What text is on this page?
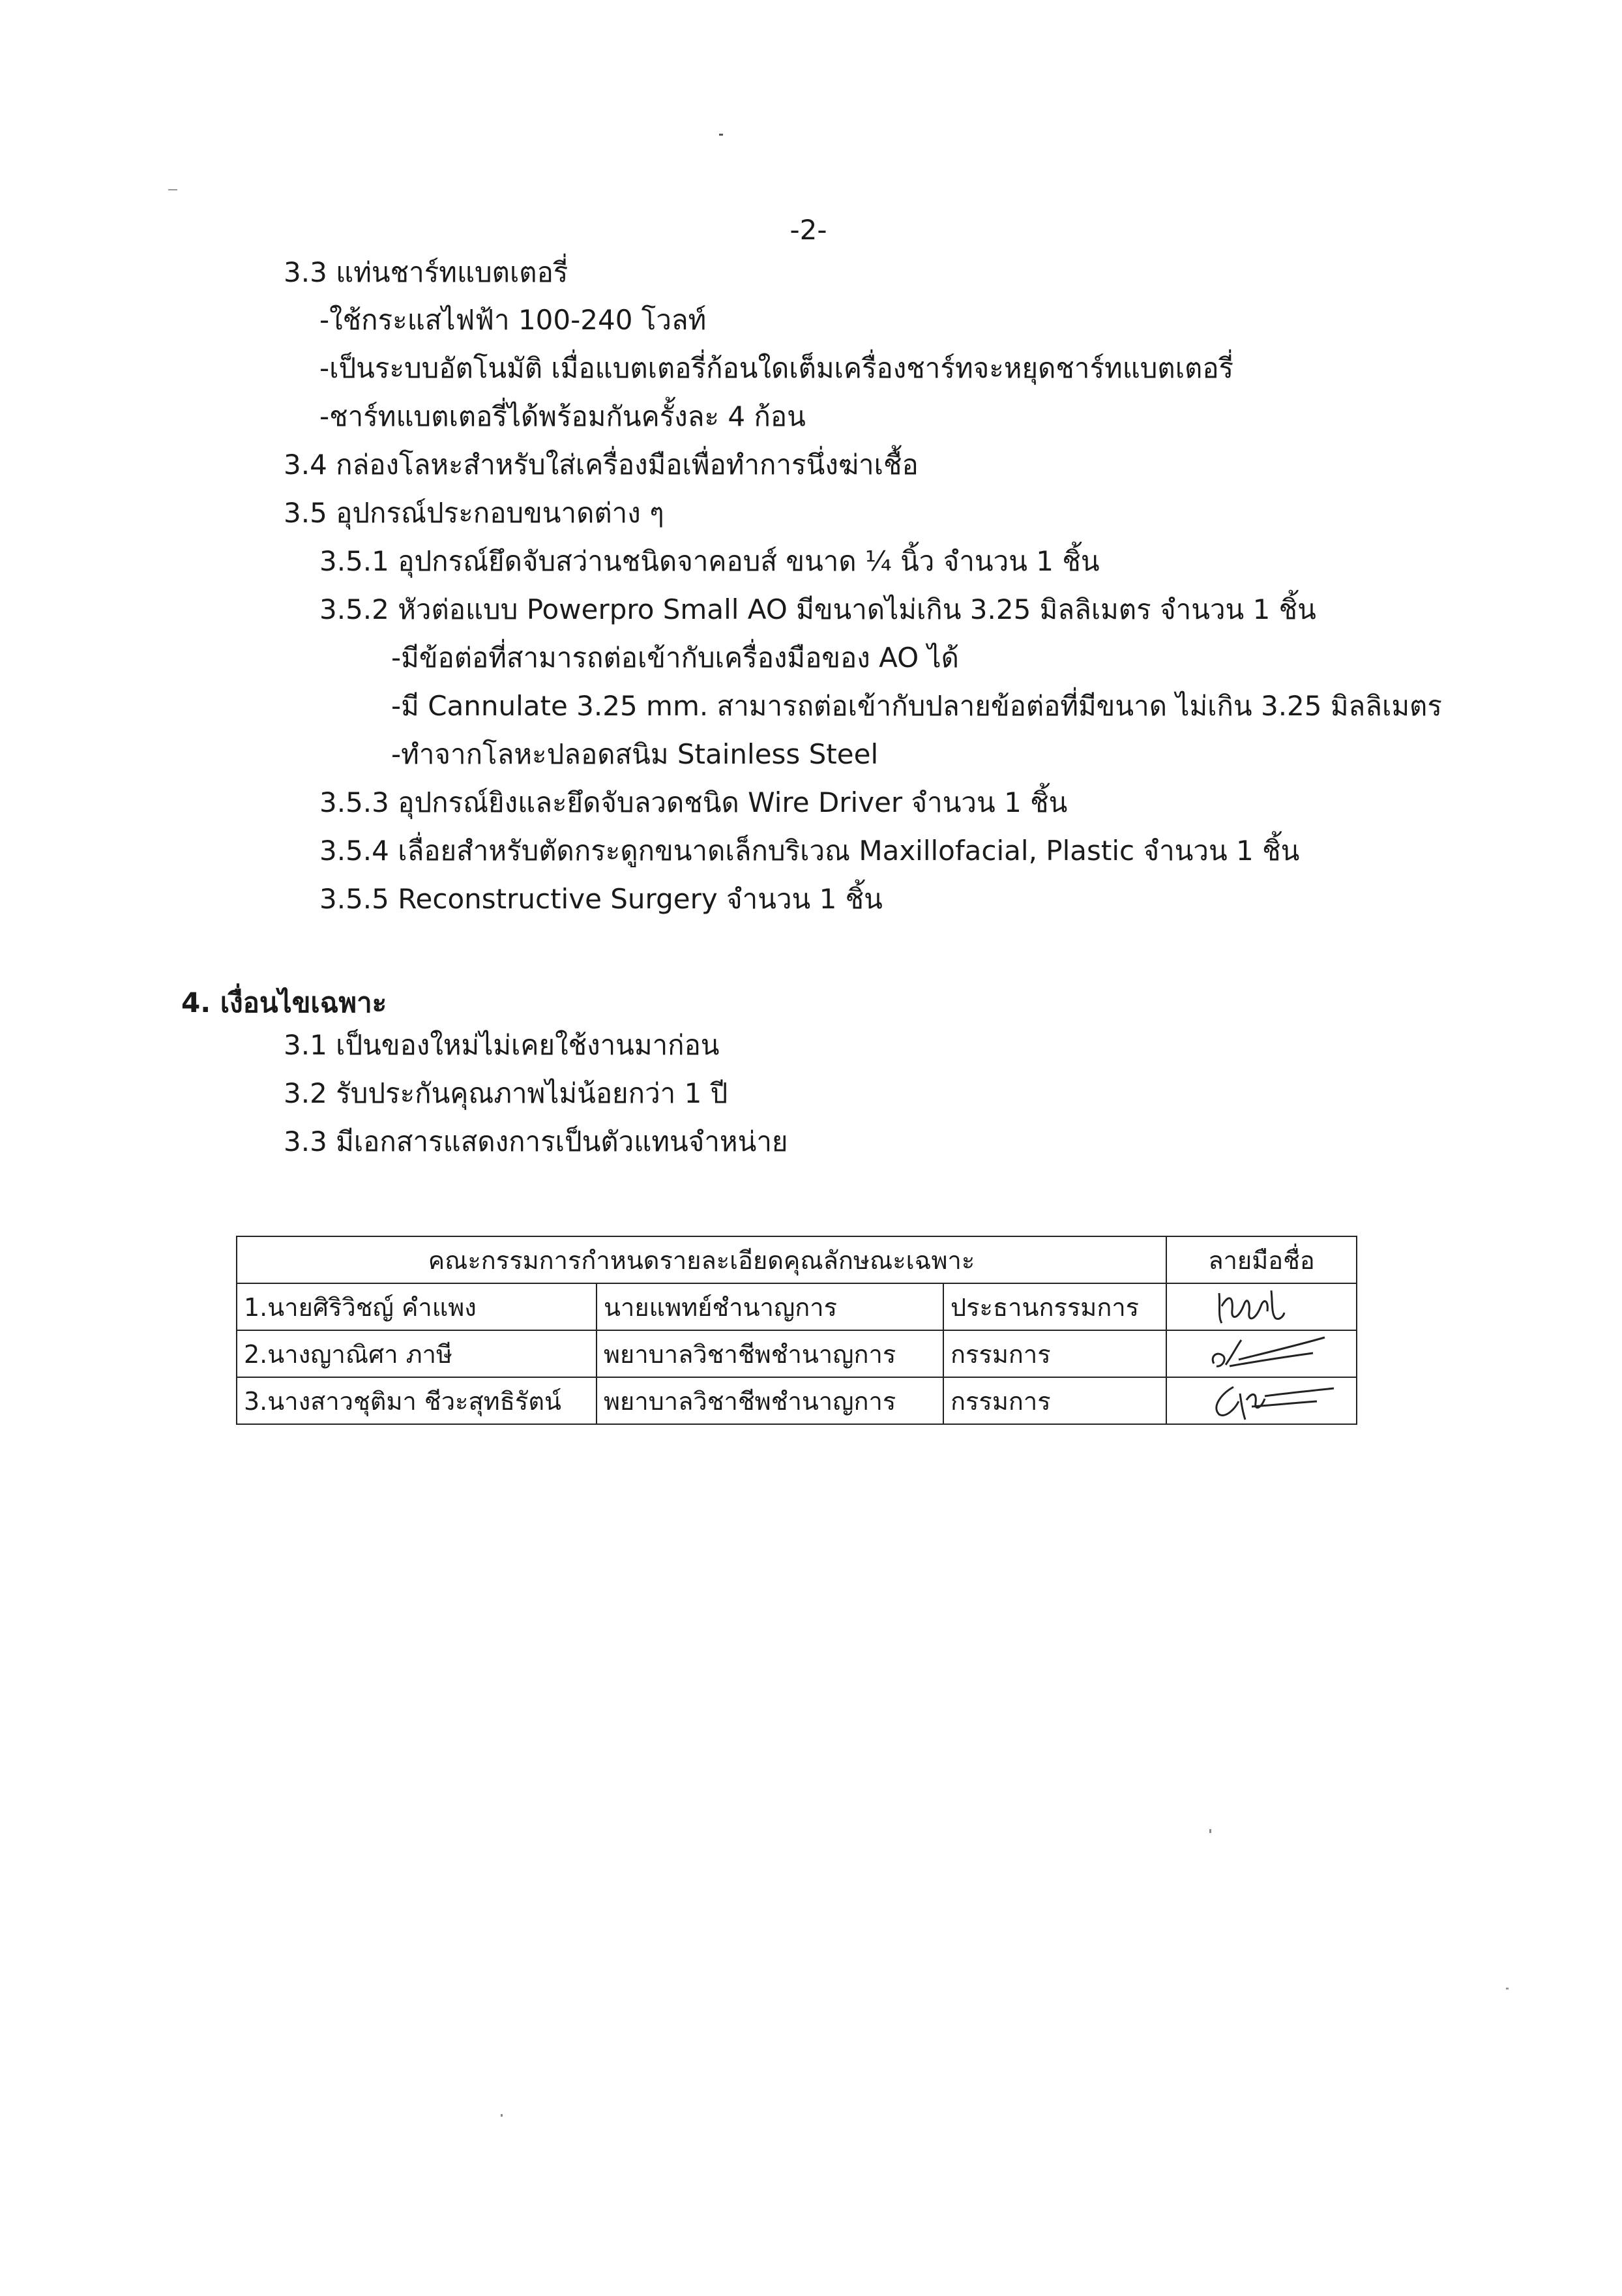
-2-
3.3 แท่นชาร์ทแบตเตอรี่
-ใช้กระแสไฟฟ้า 100-240 โวลท์
-เป็นระบบอัตโนมัติ เมื่อแบตเตอรี่ก้อนใดเต็มเครื่องชาร์ทจะหยุดชาร์ทแบตเตอรี่
-ชาร์ทแบตเตอรี่ได้พร้อมกันครั้งละ 4 ก้อน
3.4 กล่องโลหะสำหรับใส่เครื่องมือเพื่อทำการนึ่งฆ่าเชื้อ
3.5 อุปกรณ์ประกอบขนาดต่าง ๆ
3.5.1 อุปกรณ์ยึดจับสว่านชนิดจาคอบส์ ขนาด ¼ นิ้ว จำนวน 1 ชิ้น
3.5.2 หัวต่อแบบ Powerpro Small AO มีขนาดไม่เกิน 3.25 มิลลิเมตร จำนวน 1 ชิ้น
-มีข้อต่อที่สามารถต่อเข้ากับเครื่องมือของ AO ได้
-มี Cannulate 3.25 mm. สามารถต่อเข้ากับปลายข้อต่อที่มีขนาด ไม่เกิน 3.25 มิลลิเมตร
-ทำจากโลหะปลอดสนิม Stainless Steel
3.5.3 อุปกรณ์ยิงและยึดจับลวดชนิด Wire Driver จำนวน 1 ชิ้น
3.5.4 เลื่อยสำหรับตัดกระดูกขนาดเล็กบริเวณ Maxillofacial, Plastic จำนวน 1 ชิ้น
3.5.5 Reconstructive Surgery จำนวน 1 ชิ้น
4. เงื่อนไขเฉพาะ
3.1 เป็นของใหม่ไม่เคยใช้งานมาก่อน
3.2 รับประกันคุณภาพไม่น้อยกว่า 1 ปี
3.3 มีเอกสารแสดงการเป็นตัวแทนจำหน่าย
คณะกรรมการกำหนดรายละเอียดคุณลักษณะเฉพาะ			ลายมือชื่อ
1.นายศิริวิชญ์ คำแพง	นายแพทย์ชำนาญการ	ประธานกรรมการ	

2.นางญาณิศา ภาษี	พยาบาลวิชาชีพชำนาญการ	กรรมการ	

3.นางสาวชุติมา ชีวะสุทธิรัตน์	พยาบาลวิชาชีพชำนาญการ	กรรมการ	
